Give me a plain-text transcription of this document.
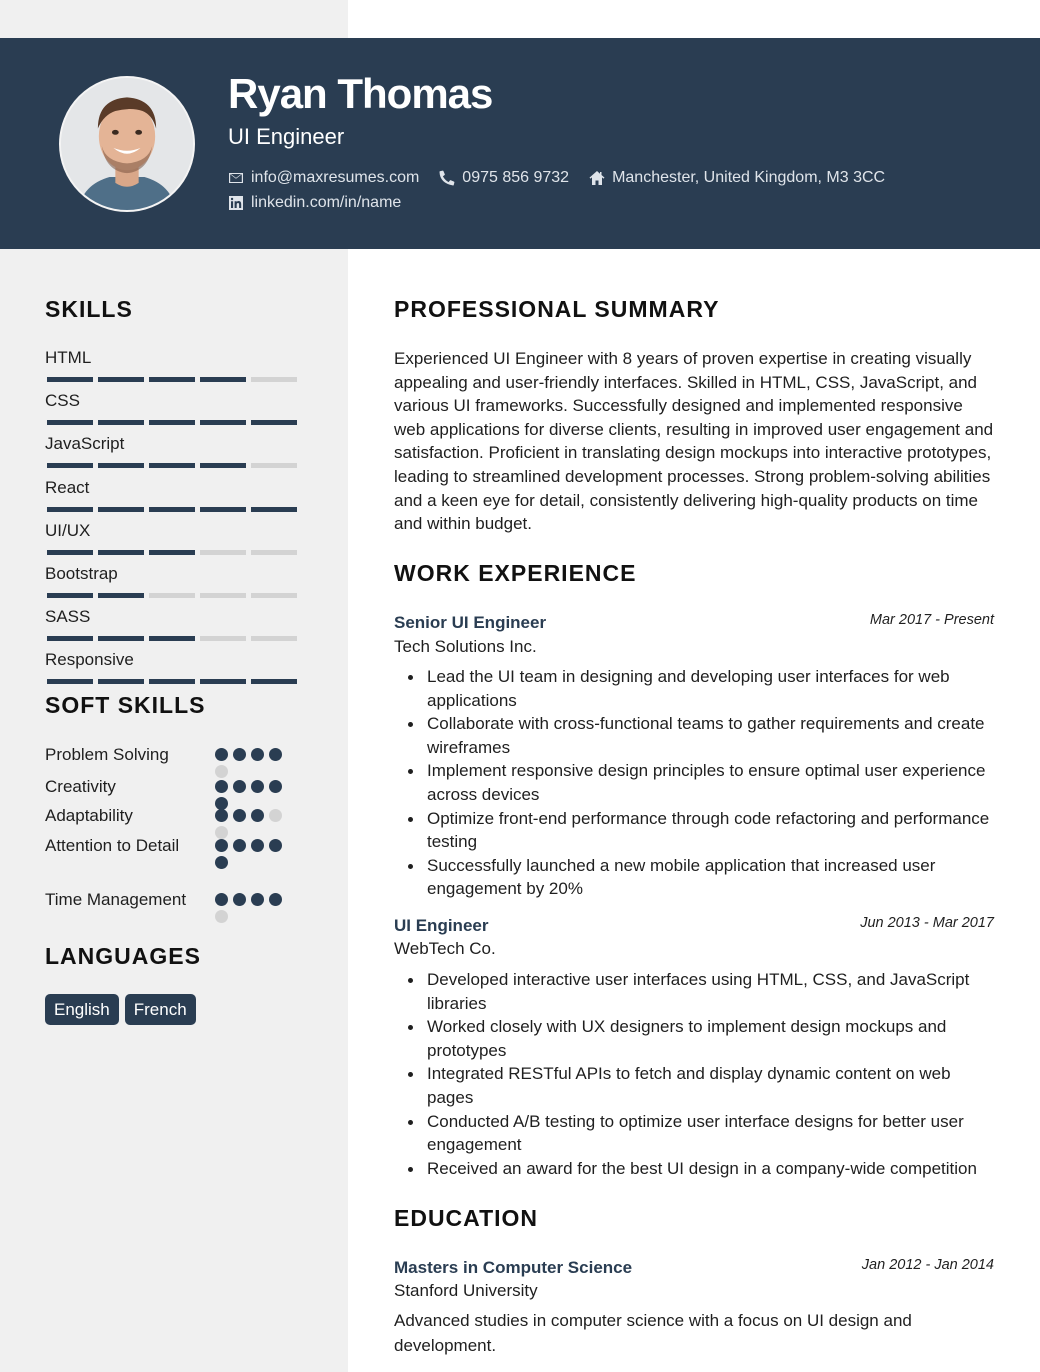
Ryan Thomas
UI Engineer
info@maxresumes.com	0975 856 9732	Manchester, United Kingdom, M3 3CC
linkedin.com/in/name
SKILLS
HTML
CSS
JavaScript
React
UI/UX
Bootstrap
SASS
Responsive
SOFT SKILLS
Problem Solving
Creativity
Adaptability
Attention to Detail
Time Management
LANGUAGES
English	French
PROFESSIONAL SUMMARY

Experienced UI Engineer with 8 years of proven expertise in creating visually appealing and user-friendly interfaces. Skilled in HTML, CSS, JavaScript, and various UI frameworks. Successfully designed and implemented responsive web applications for diverse clients, resulting in improved user engagement and satisfaction. Proficient in translating design mockups into interactive prototypes, leading to streamlined development processes. Strong problem-solving abilities and a keen eye for detail, consistently delivering high-quality products on time and within budget.

WORK EXPERIENCE
Senior UI Engineer	Mar 2017 - Present
Tech Solutions Inc.
Lead the UI team in designing and developing user interfaces for web applications
Collaborate with cross-functional teams to gather requirements and create wireframes
Implement responsive design principles to ensure optimal user experience across devices
Optimize front-end performance through code refactoring and performance testing
Successfully launched a new mobile application that increased user engagement by 20%
UI Engineer	Jun 2013 - Mar 2017
WebTech Co.
Developed interactive user interfaces using HTML, CSS, and JavaScript libraries
Worked closely with UX designers to implement design mockups and prototypes
Integrated RESTful APIs to fetch and display dynamic content on web pages
Conducted A/B testing to optimize user interface designs for better user engagement
Received an award for the best UI design in a company-wide competition
EDUCATION
Masters in Computer Science	Jan 2012 - Jan 2014
Stanford University

Advanced studies in computer science with a focus on UI design and development.
